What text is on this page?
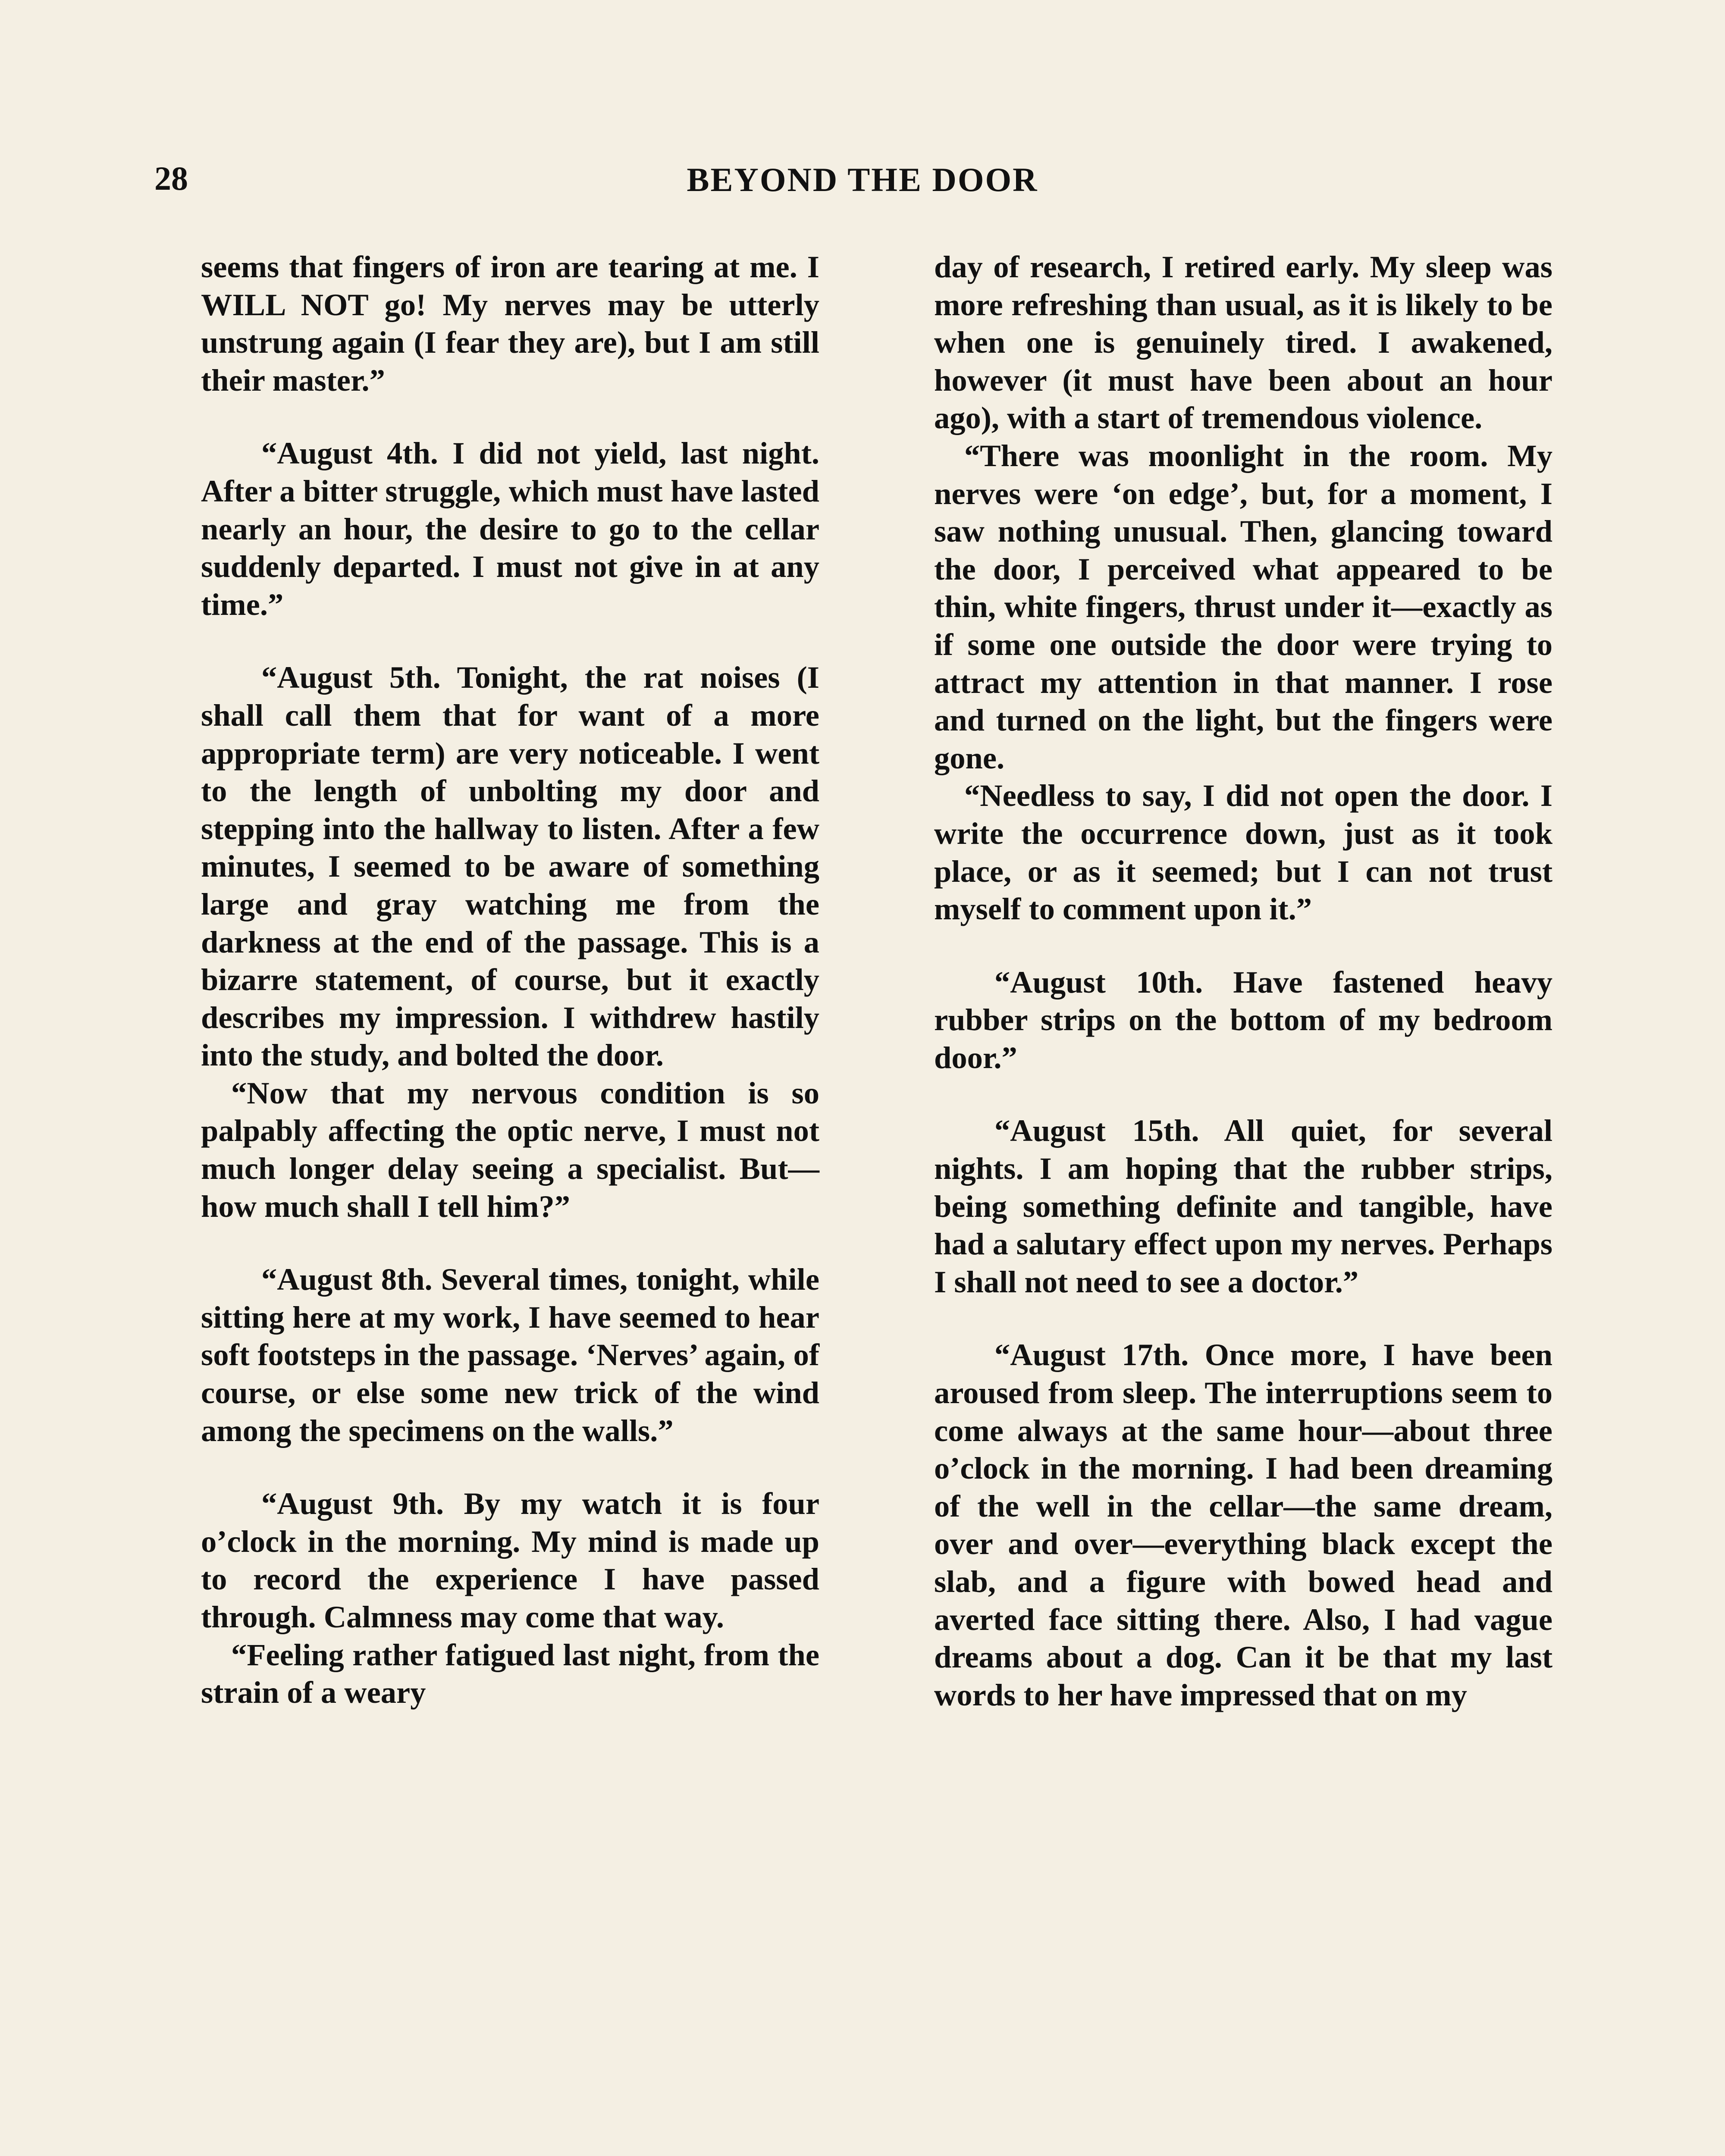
28	BEYOND THE DOOR

seems that fingers of iron are tearing at me. I WILL NOT go! My nerves may be utterly unstrung again (I fear they are), but I am still their master.”

“August 4th. I did not yield, last night. After a bitter struggle, which must have lasted nearly an hour, the desire to go to the cellar suddenly departed. I must not give in at any time.”

“August 5th. Tonight, the rat noises (I shall call them that for want of a more appropriate term) are very noticeable. I went to the length of unbolting my door and stepping into the hallway to listen. After a few minutes, I seemed to be aware of something large and gray watching me from the darkness at the end of the passage. This is a bizarre statement, of course, but it exactly describes my impression. I withdrew hastily into the study, and bolted the door.

“Now that my nervous condition is so palpably affecting the optic nerve, I must not much longer delay seeing a specialist. But—how much shall I tell him?”

“August 8th. Several times, tonight, while sitting here at my work, I have seemed to hear soft footsteps in the passage. ‘Nerves’ again, of course, or else some new trick of the wind among the specimens on the walls.”

“August 9th. By my watch it is four o’clock in the morning. My mind is made up to record the experience I have passed through. Calmness may come that way.

“Feeling rather fatigued last night, from the strain of a weary

day of research, I retired early. My sleep was more refreshing than usual, as it is likely to be when one is genuinely tired. I awakened, however (it must have been about an hour ago), with a start of tremendous violence.

“There was moonlight in the room. My nerves were ‘on edge’, but, for a moment, I saw nothing unusual. Then, glancing toward the door, I perceived what appeared to be thin, white fingers, thrust under it—exactly as if some one outside the door were trying to attract my attention in that manner. I rose and turned on the light, but the fingers were gone.

“Needless to say, I did not open the door. I write the occurrence down, just as it took place, or as it seemed; but I can not trust myself to comment upon it.”

“August 10th. Have fastened heavy rubber strips on the bottom of my bedroom door.”

“August 15th. All quiet, for several nights. I am hoping that the rubber strips, being something definite and tangible, have had a salutary effect upon my nerves. Perhaps I shall not need to see a doctor.”

“August 17th. Once more, I have been aroused from sleep. The interruptions seem to come always at the same hour—about three o’clock in the morning. I had been dreaming of the well in the cellar—the same dream, over and over—everything black except the slab, and a figure with bowed head and averted face sitting there. Also, I had vague dreams about a dog. Can it be that my last words to her have impressed that on my
